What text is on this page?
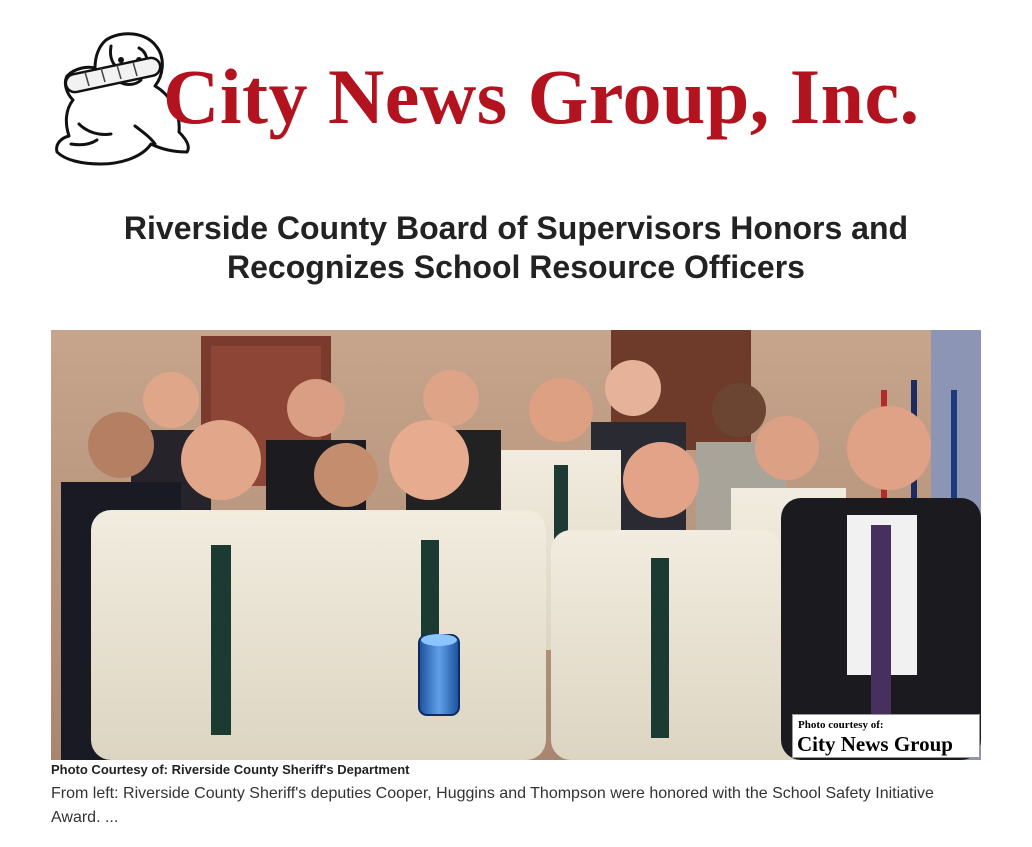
City News Group, Inc.
Riverside County Board of Supervisors Honors and Recognizes School Resource Officers
Photo courtesy of:
City News Group
Photo Courtesy of: Riverside County Sheriff's Department

From left: Riverside County Sheriff's deputies Cooper, Huggins and Thompson were honored with the School Safety Initiative Award. ...
